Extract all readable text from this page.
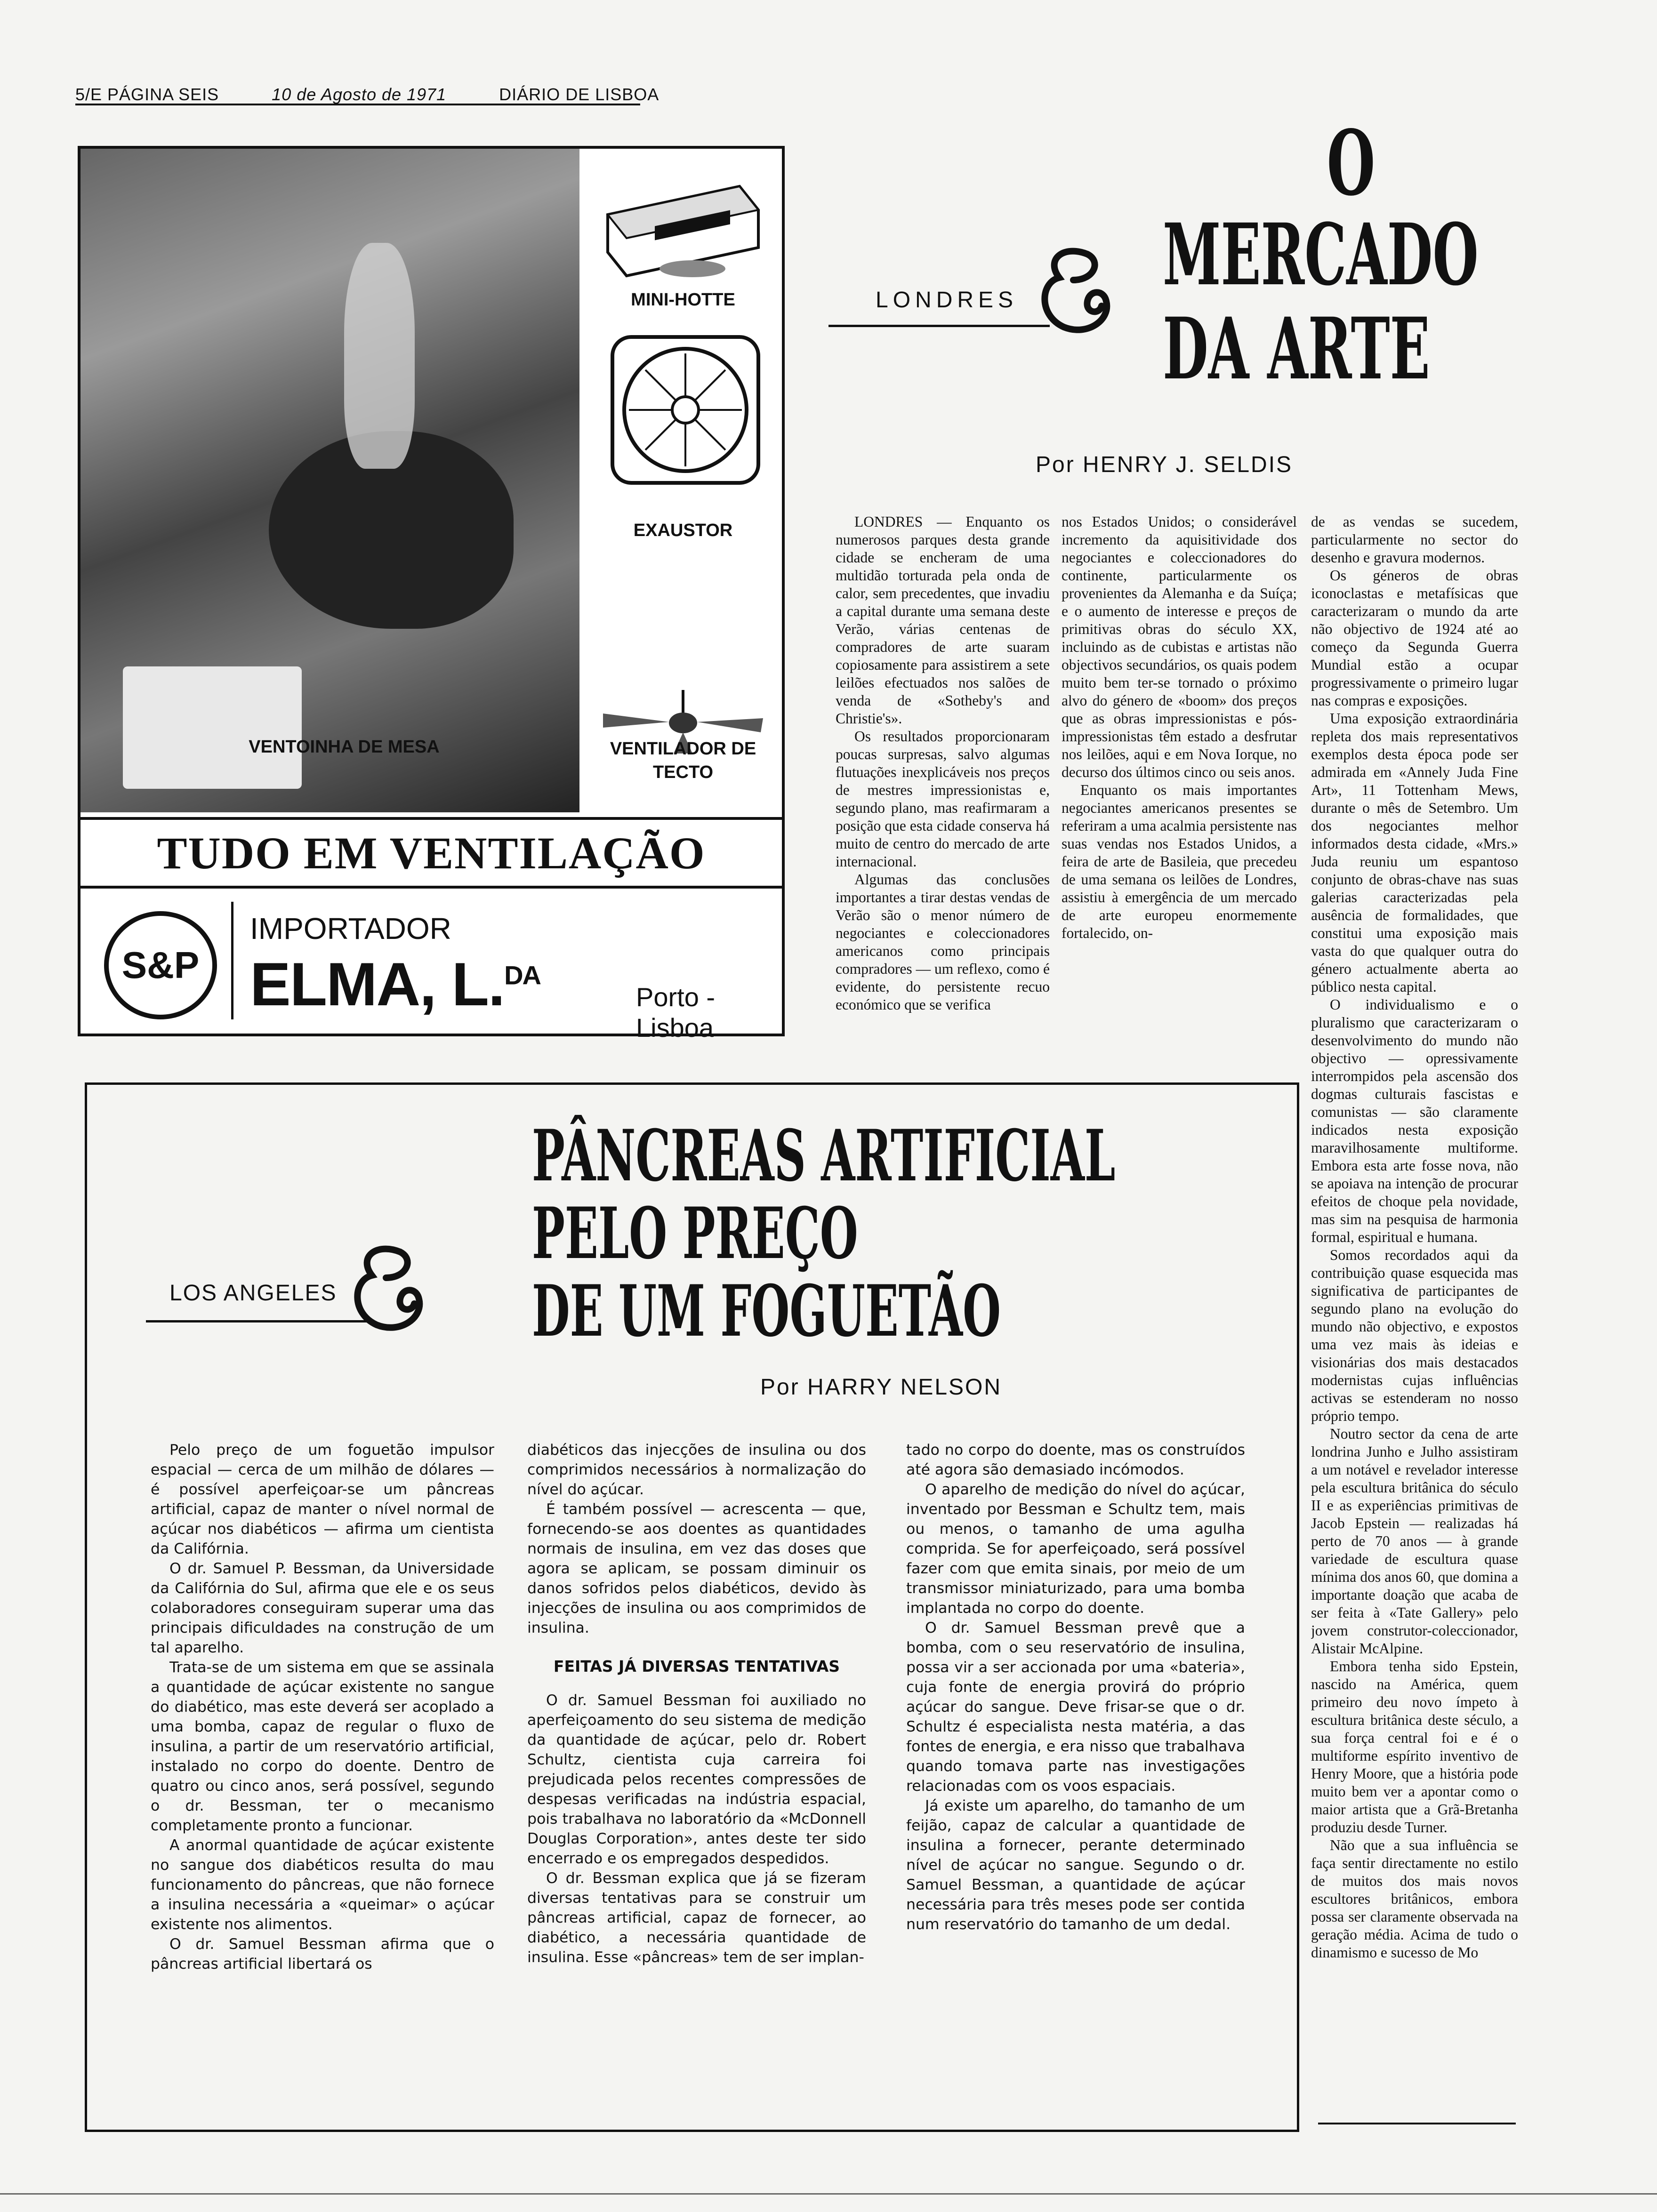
5/E PÁGINA SEIS	10 de Agosto de 1971	DIÁRIO DE LISBOA
MINI-HOTTE
EXAUSTOR
VENTILADOR DE TECTO
VENTOINHA DE MESA
TUDO EM VENTILAÇÃO
S&P
IMPORTADOR
ELMA, L.$^{DA}$
Porto - Lisboa
LONDRES
O
MERCADO
DA ARTE
Por HENRY J. SELDIS

LONDRES — Enquanto os numerosos parques desta grande cidade se encheram de uma multidão torturada pela onda de calor, sem precedentes, que invadiu a capital durante uma semana deste Verão, várias centenas de compradores de arte suaram copiosamente para assistirem a sete leilões efectuados nos salões de venda de «Sotheby's and Christie's».

Os resultados proporcionaram poucas surpresas, salvo algumas flutuações inexplicáveis nos preços de mestres impressionistas e, segundo plano, mas reafirmaram a posição que esta cidade conserva há muito de centro do mercado de arte internacional.

Algumas das conclusões importantes a tirar destas vendas de Verão são o menor número de negociantes e coleccionadores americanos como principais compradores — um reflexo, como é evidente, do persistente recuo económico que se verifica

nos Estados Unidos; o considerável incremento da aquisitividade dos negociantes e coleccionadores do continente, particularmente os provenientes da Alemanha e da Suíça; e o aumento de interesse e preços de primitivas obras do século XX, incluindo as de cubistas e artistas não objectivos secundários, os quais podem muito bem ter-se tornado o próximo alvo do género de «boom» dos preços que as obras impressionistas e pós-impressionistas têm estado a desfrutar nos leilões, aqui e em Nova Iorque, no decurso dos últimos cinco ou seis anos.

Enquanto os mais importantes negociantes americanos presentes se referiram a uma acalmia persistente nas suas vendas nos Estados Unidos, a feira de arte de Basileia, que precedeu de uma semana os leilões de Londres, assistiu à emergência de um mercado de arte europeu enormemente fortalecido, on-

de as vendas se sucedem, particularmente no sector do desenho e gravura modernos.

Os géneros de obras iconoclastas e metafísicas que caracterizaram o mundo da arte não objectivo de 1924 até ao começo da Segunda Guerra Mundial estão a ocupar progressivamente o primeiro lugar nas compras e exposições.

Uma exposição extraordinária repleta dos mais representativos exemplos desta época pode ser admirada em «Annely Juda Fine Art», 11 Tottenham Mews, durante o mês de Setembro. Um dos negociantes melhor informados desta cidade, «Mrs.» Juda reuniu um espantoso conjunto de obras-chave nas suas galerias caracterizadas pela ausência de formalidades, que constitui uma exposição mais vasta do que qualquer outra do género actualmente aberta ao público nesta capital.

O individualismo e o pluralismo que caracterizaram o desenvolvimento do mundo não objectivo — opressivamente interrompidos pela ascensão dos dogmas culturais fascistas e comunistas — são claramente indicados nesta exposição maravilhosamente multiforme. Embora esta arte fosse nova, não se apoiava na intenção de procurar efeitos de choque pela novidade, mas sim na pesquisa de harmonia formal, espiritual e humana.

Somos recordados aqui da contribuição quase esquecida mas significativa de participantes de segundo plano na evolução do mundo não objectivo, e expostos uma vez mais às ideias e visionárias dos mais destacados modernistas cujas influências activas se estenderam no nosso próprio tempo.

Noutro sector da cena de arte londrina Junho e Julho assistiram a um notável e revelador interesse pela escultura britânica do século II e as experiências primitivas de Jacob Epstein — realizadas há perto de 70 anos — à grande variedade de escultura quase mínima dos anos 60, que domina a importante doação que acaba de ser feita à «Tate Gallery» pelo jovem construtor-coleccionador, Alistair McAlpine.

Embora tenha sido Epstein, nascido na América, quem primeiro deu novo ímpeto à escultura britânica deste século, a sua força central foi e é o multiforme espírito inventivo de Henry Moore, que a história pode muito bem ver a apontar como o maior artista que a Grã-Bretanha produziu desde Turner.

Não que a sua influência se faça sentir directamente no estilo de muitos dos mais novos escultores britânicos, embora possa ser claramente observada na geração média. Acima de tudo o dinamismo e sucesso de Mo

LOS ANGELES
PÂNCREAS ARTIFICIAL
PELO PREÇO
DE UM FOGUETÃO
Por HARRY NELSON

Pelo preço de um foguetão impulsor espacial — cerca de um milhão de dólares — é possível aperfeiçoar-se um pâncreas artificial, capaz de manter o nível normal de açúcar nos diabéticos — afirma um cientista da Califórnia.

O dr. Samuel P. Bessman, da Universidade da Califórnia do Sul, afirma que ele e os seus colaboradores conseguiram superar uma das principais dificuldades na construção de um tal aparelho.

Trata-se de um sistema em que se assinala a quantidade de açúcar existente no sangue do diabético, mas este deverá ser acoplado a uma bomba, capaz de regular o fluxo de insulina, a partir de um reservatório artificial, instalado no corpo do doente. Dentro de quatro ou cinco anos, será possível, segundo o dr. Bessman, ter o mecanismo completamente pronto a funcionar.

A anormal quantidade de açúcar existente no sangue dos diabéticos resulta do mau funcionamento do pâncreas, que não fornece a insulina necessária a «queimar» o açúcar existente nos alimentos.

O dr. Samuel Bessman afirma que o pâncreas artificial libertará os

diabéticos das injecções de insulina ou dos comprimidos necessários à normalização do nível do açúcar.

É também possível — acrescenta — que, fornecendo-se aos doentes as quantidades normais de insulina, em vez das doses que agora se aplicam, se possam diminuir os danos sofridos pelos diabéticos, devido às injecções de insulina ou aos comprimidos de insulina.

FEITAS JÁ DIVERSAS TENTATIVAS

O dr. Samuel Bessman foi auxiliado no aperfeiçoamento do seu sistema de medição da quantidade de açúcar, pelo dr. Robert Schultz, cientista cuja carreira foi prejudicada pelos recentes compressões de despesas verificadas na indústria espacial, pois trabalhava no laboratório da «McDonnell Douglas Corporation», antes deste ter sido encerrado e os empregados despedidos.

O dr. Bessman explica que já se fizeram diversas tentativas para se construir um pâncreas artificial, capaz de fornecer, ao diabético, a necessária quantidade de insulina. Esse «pâncreas» tem de ser implan-

tado no corpo do doente, mas os construídos até agora são demasiado incómodos.

O aparelho de medição do nível do açúcar, inventado por Bessman e Schultz tem, mais ou menos, o tamanho de uma agulha comprida. Se for aperfeiçoado, será possível fazer com que emita sinais, por meio de um transmissor miniaturizado, para uma bomba implantada no corpo do doente.

O dr. Samuel Bessman prevê que a bomba, com o seu reservatório de insulina, possa vir a ser accionada por uma «bateria», cuja fonte de energia provirá do próprio açúcar do sangue. Deve frisar-se que o dr. Schultz é especialista nesta matéria, a das fontes de energia, e era nisso que trabalhava quando tomava parte nas investigações relacionadas com os voos espaciais.

Já existe um aparelho, do tamanho de um feijão, capaz de calcular a quantidade de insulina a fornecer, perante determinado nível de açúcar no sangue. Segundo o dr. Samuel Bessman, a quantidade de açúcar necessária para três meses pode ser contida num reservatório do tamanho de um dedal.
